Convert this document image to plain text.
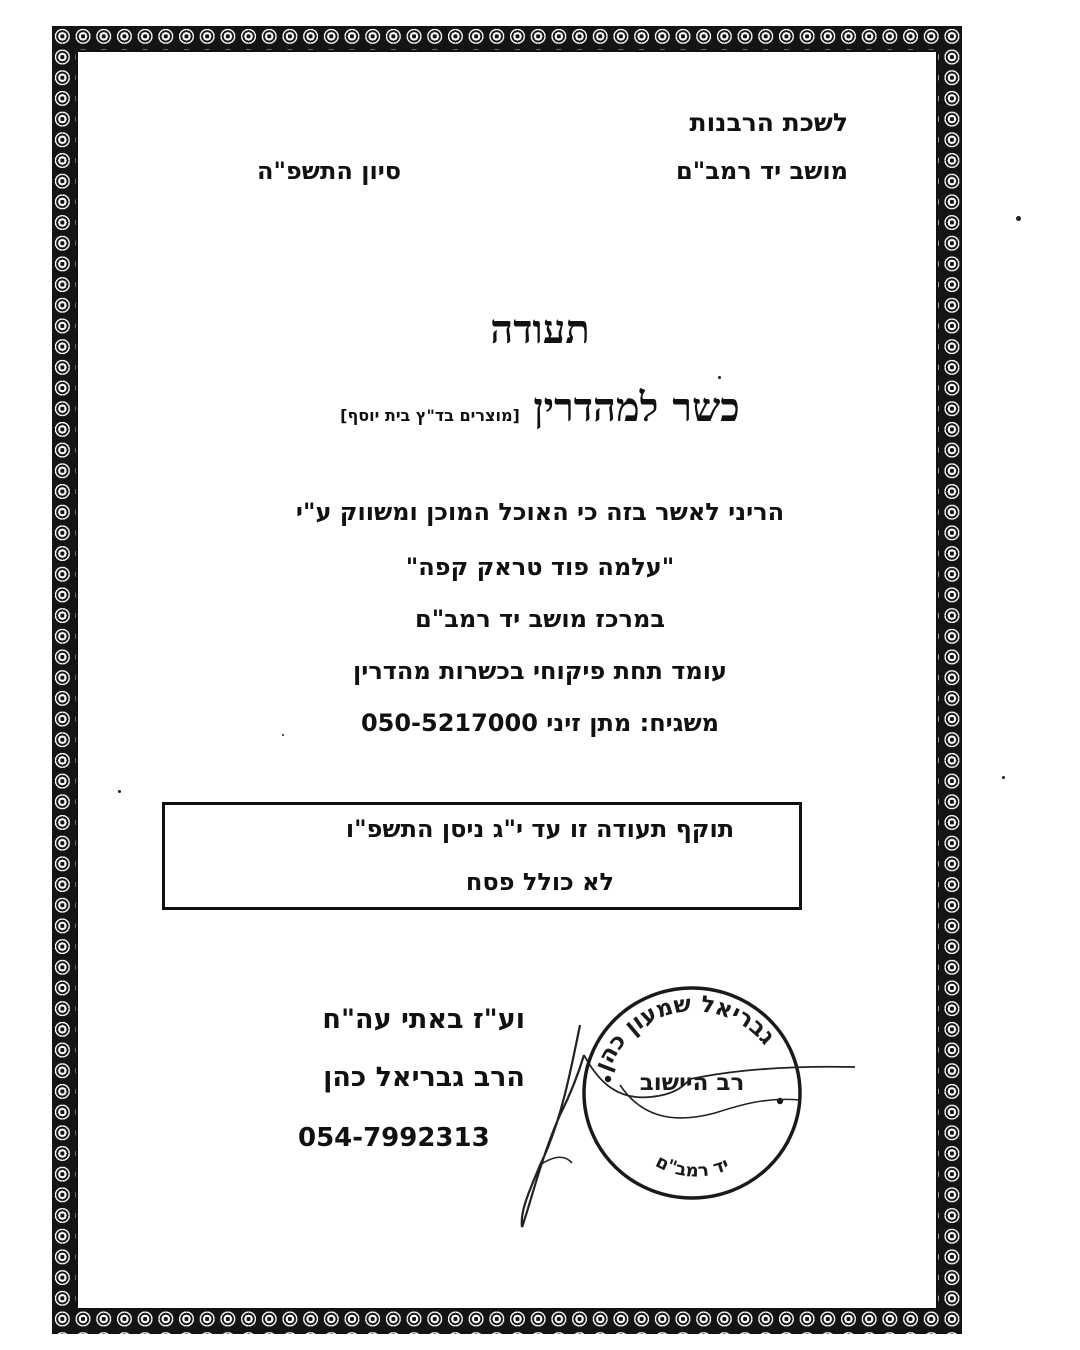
לשכת הרבנות
מושב יד רמב"ם
סיון התשפ"ה
תעודה
כשר למהדרין [מוצרים בד"ץ בית יוסף]
הריני לאשר בזה כי האוכל המוכן ומשווק ע"י
"עלמה פוד טראק קפה"
במרכז מושב יד רמב"ם
עומד תחת פיקוחי בכשרות מהדרין
משגיח: מתן זיני 050-5217000
תוקף תעודה זו עד י"ג ניסן התשפ"ו
לא כולל פסח
וע"ז באתי עה"ח
הרב גבריאל כהן
054-7992313
גבריאל שמעון כהן
רב היישוב
יד רמב"ם
